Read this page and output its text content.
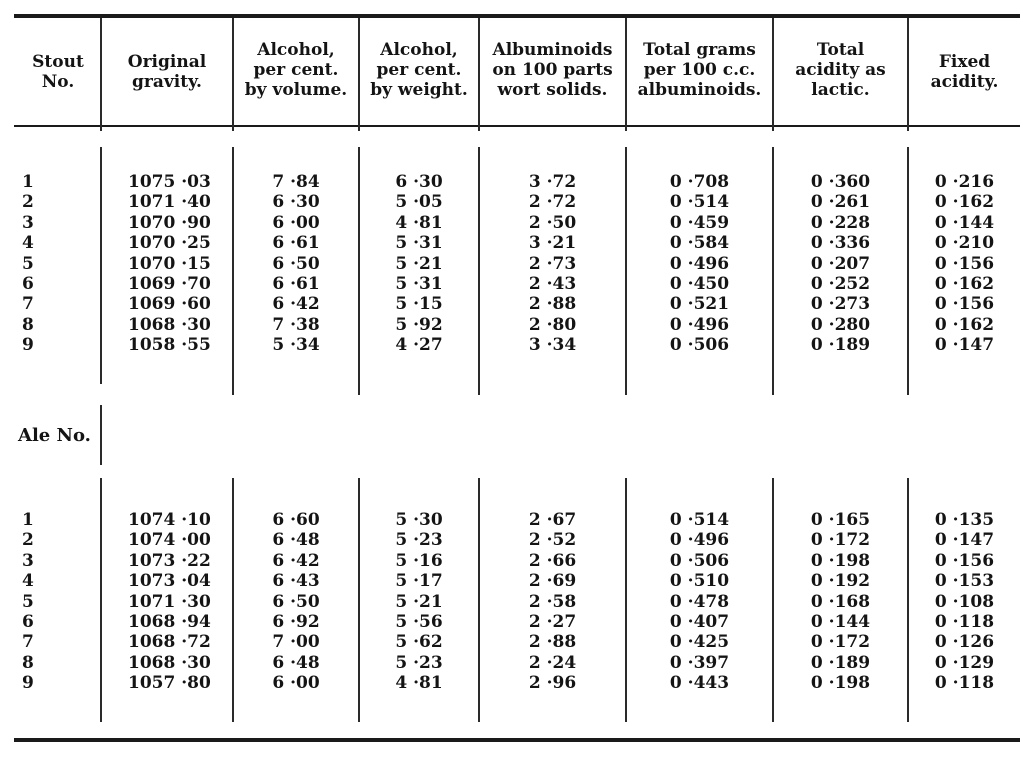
Stout
No.
Original
gravity.
Alcohol,
per cent.
by volume.
Alcohol,
per cent.
by weight.
Albuminoids
on 100 parts
wort solids.
Total grams
per 100 c.c.
albuminoids.
Total
acidity as
lactic.
Fixed
acidity.
1
2
3
4
5
6
7
8
9
1075 ·03
1071 ·40
1070 ·90
1070 ·25
1070 ·15
1069 ·70
1069 ·60
1068 ·30
1058 ·55
7 ·84
6 ·30
6 ·00
6 ·61
6 ·50
6 ·61
6 ·42
7 ·38
5 ·34
6 ·30
5 ·05
4 ·81
5 ·31
5 ·21
5 ·31
5 ·15
5 ·92
4 ·27
3 ·72
2 ·72
2 ·50
3 ·21
2 ·73
2 ·43
2 ·88
2 ·80
3 ·34
0 ·708
0 ·514
0 ·459
0 ·584
0 ·496
0 ·450
0 ·521
0 ·496
0 ·506
0 ·360
0 ·261
0 ·228
0 ·336
0 ·207
0 ·252
0 ·273
0 ·280
0 ·189
0 ·216
0 ·162
0 ·144
0 ·210
0 ·156
0 ·162
0 ·156
0 ·162
0 ·147
Ale No.
1
2
3
4
5
6
7
8
9
1074 ·10
1074 ·00
1073 ·22
1073 ·04
1071 ·30
1068 ·94
1068 ·72
1068 ·30
1057 ·80
6 ·60
6 ·48
6 ·42
6 ·43
6 ·50
6 ·92
7 ·00
6 ·48
6 ·00
5 ·30
5 ·23
5 ·16
5 ·17
5 ·21
5 ·56
5 ·62
5 ·23
4 ·81
2 ·67
2 ·52
2 ·66
2 ·69
2 ·58
2 ·27
2 ·88
2 ·24
2 ·96
0 ·514
0 ·496
0 ·506
0 ·510
0 ·478
0 ·407
0 ·425
0 ·397
0 ·443
0 ·165
0 ·172
0 ·198
0 ·192
0 ·168
0 ·144
0 ·172
0 ·189
0 ·198
0 ·135
0 ·147
0 ·156
0 ·153
0 ·108
0 ·118
0 ·126
0 ·129
0 ·118
